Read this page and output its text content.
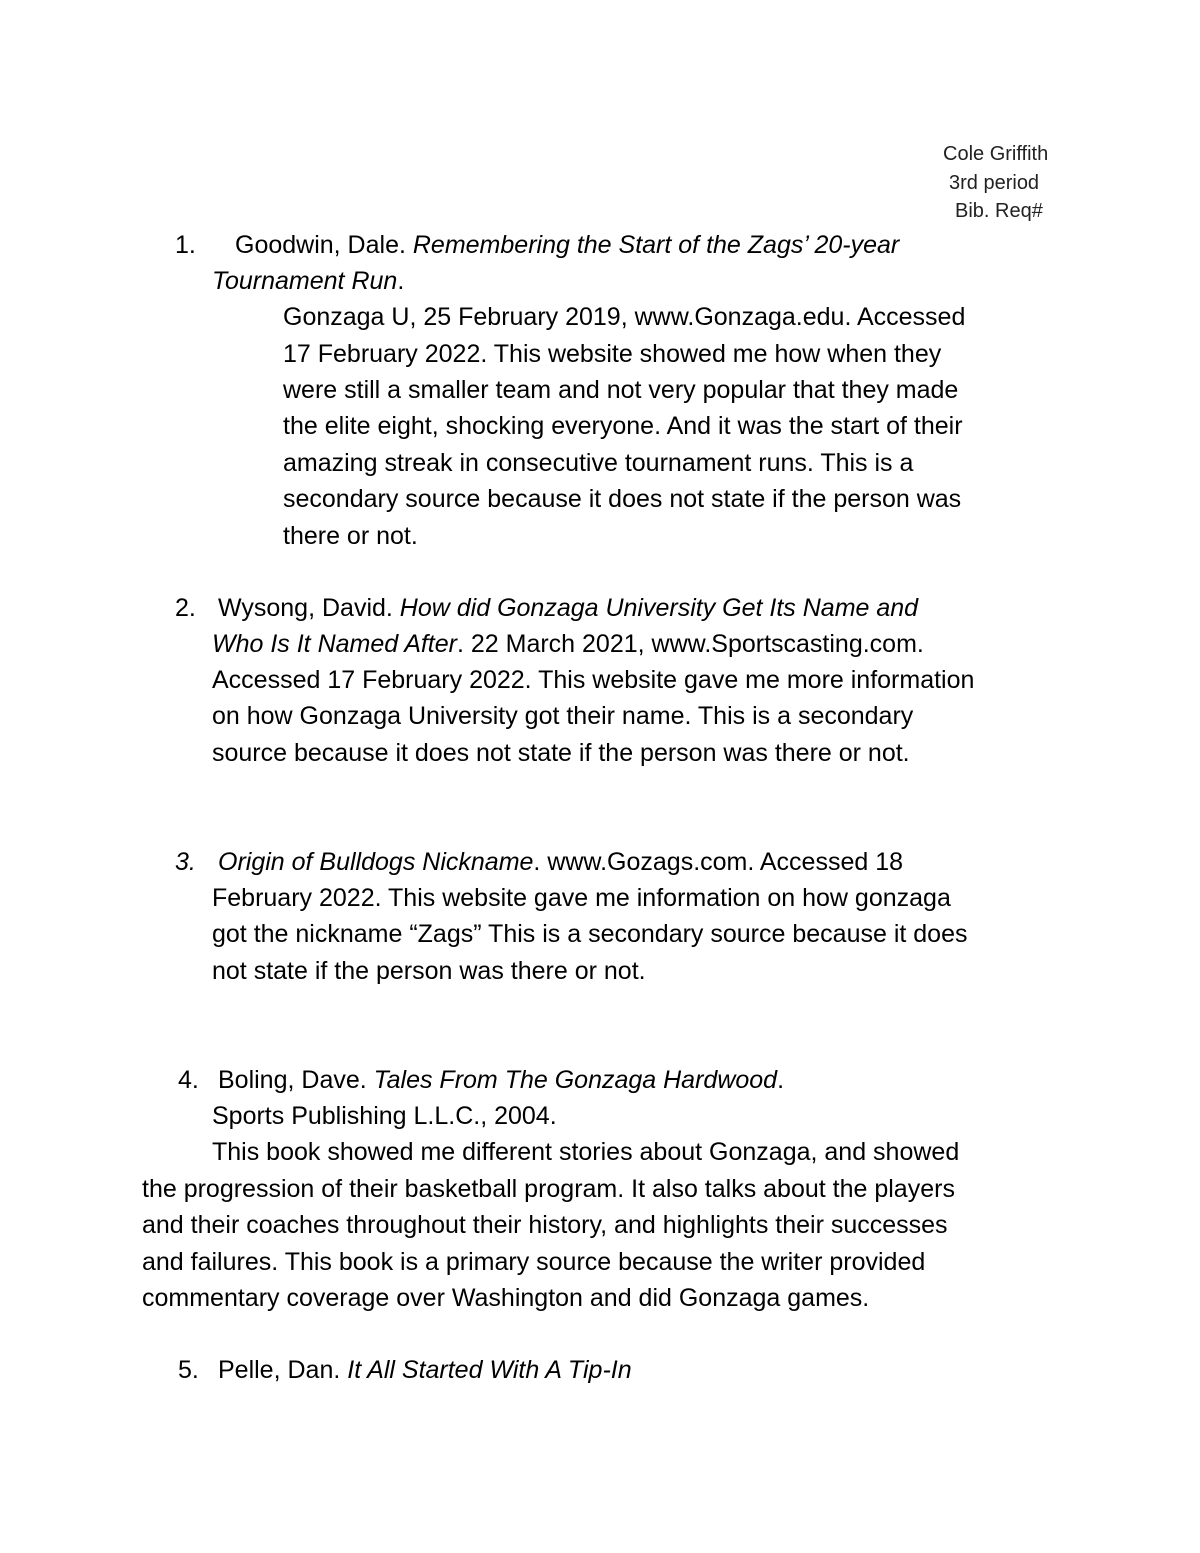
Cole Griffith
3rd period
Bib. Req#
1. Goodwin, Dale. Remembering the Start of the Zags’ 20-year
Tournament Run.
Gonzaga U, 25 February 2019, www.Gonzaga.edu. Accessed
17 February 2022. This website showed me how when they
were still a smaller team and not very popular that they made
the elite eight, shocking everyone. And it was the start of their
amazing streak in consecutive tournament runs. This is a
secondary source because it does not state if the person was
there or not.
2. Wysong, David. How did Gonzaga University Get Its Name and
Who Is It Named After. 22 March 2021, www.Sportscasting.com.
Accessed 17 February 2022. This website gave me more information
on how Gonzaga University got their name. This is a secondary
source because it does not state if the person was there or not.
3. Origin of Bulldogs Nickname. www.Gozags.com. Accessed 18
February 2022. This website gave me information on how gonzaga
got the nickname “Zags” This is a secondary source because it does
not state if the person was there or not.
4. Boling, Dave. Tales From The Gonzaga Hardwood.
Sports Publishing L.L.C., 2004.
This book showed me different stories about Gonzaga, and showed
the progression of their basketball program. It also talks about the players
and their coaches throughout their history, and highlights their successes
and failures. This book is a primary source because the writer provided
commentary coverage over Washington and did Gonzaga games.
5. Pelle, Dan. It All Started With A Tip-In
